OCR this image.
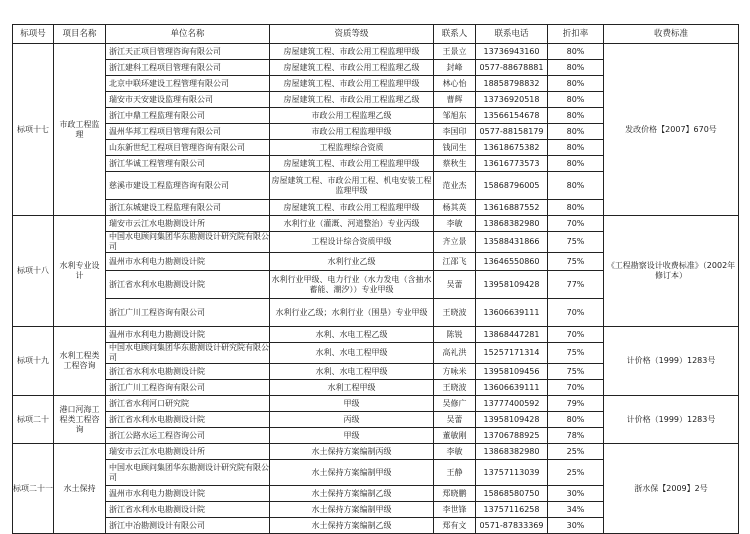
标项号	项目名称	单位名称	资质等级	联系人	联系电话	折扣率	收费标准
标项十七	市政工程监理	浙江天正项目管理咨询有限公司	房屋建筑工程、市政公用工程监理甲级	王景立	13736943160	80%	发改价格【2007】670号
		浙江建科工程项目管理有限公司	房屋建筑工程、市政公用工程监理乙级	封峰	0577-88678881	80%	
		北京中联环建设工程管理有限公司	房屋建筑工程、市政公用工程监理甲级	林心怡	18858798832	80%	
		瑞安市天安建设监理有限公司	房屋建筑工程、市政公用工程监理乙级	曹辉	13736920518	80%	
		浙江中鼎工程监理有限公司	市政公用工程监理乙级	邹旭东	13566154678	80%	
		温州华邦工程项目管理有限公司	市政公用工程监理甲级	李国印	0577-88158179	80%	
		山东新世纪工程项目管理咨询有限公司	工程监理综合资质	钱同生	13618675382	80%	
		浙江华诚工程管理有限公司	房屋建筑工程、市政公用工程监理甲级	蔡秋生	13616773573	80%	
		慈溪市建设工程监理咨询有限公司	房屋建筑工程、市政公用工程、机电安装工程监理甲级	范业杰	15868796005	80%	
		浙江东城建设工程监理有限公司	房屋建筑工程、市政公用工程监理甲级	杨其英	13616887552	80%	
标项十八	水利专业设计	瑞安市云江水电勘测设计所	水利行业（灌溉、河道整治）专业丙级	李敏	13868382980	70%	《工程勘察设计收费标准》（2002年修订本）
		中国水电顾问集团华东勘测设计研究院有限公司	工程设计综合资质甲级	齐立景	13588431866	75%	
		温州市水利电力勘测设计院	水利行业乙级	江邵飞	13646550860	75%	
		浙江省水利水电勘测设计院	水利行业甲级、电力行业（水力发电（含抽水蓄能、潮汐））专业甲级	吴蕾	13958109428	77%	
		浙江广川工程咨询有限公司	水利行业乙级；水利行业（围垦）专业甲级	王晓波	13606639111	70%	
标项十九	水利工程类工程咨询	温州市水利电力勘测设计院	水利、水电工程乙级	陈锐	13868447281	70%	计价格（1999）1283号
		中国水电顾问集团华东勘测设计研究院有限公司	水利、水电工程甲级	高礼洪	15257171314	75%	
		浙江省水利水电勘测设计院	水利、水电工程甲级	方咏米	13958109456	75%	
		浙江广川工程咨询有限公司	水利工程甲级	王晓波	13606639111	70%	
标项二十	港口河海工程类工程咨询	浙江省水利河口研究院	甲级	吴修广	13777400592	79%	计价格（1999）1283号
		浙江省水利水电勘测设计院	丙级	吴蕾	13958109428	80%	
		浙江公路水运工程咨询公司	甲级	董敏刚	13706788925	78%	
标项二十一	水土保持	瑞安市云江水电勘测设计所	水土保持方案编制丙级	李敏	13868382980	25%	浙水保【2009】2号
		中国水电顾问集团华东勘测设计研究院有限公司	水土保持方案编制甲级	王静	13757113039	25%	
		温州市水利电力勘测设计院	水土保持方案编制乙级	郑晓鹏	15868580750	30%	
		浙江省水利水电勘测设计院	水土保持方案编制甲级	李世锋	13757116258	34%	
		浙江中冶勘测设计有限公司	水土保持方案编制乙级	郑有文	0571-87833369	30%	
